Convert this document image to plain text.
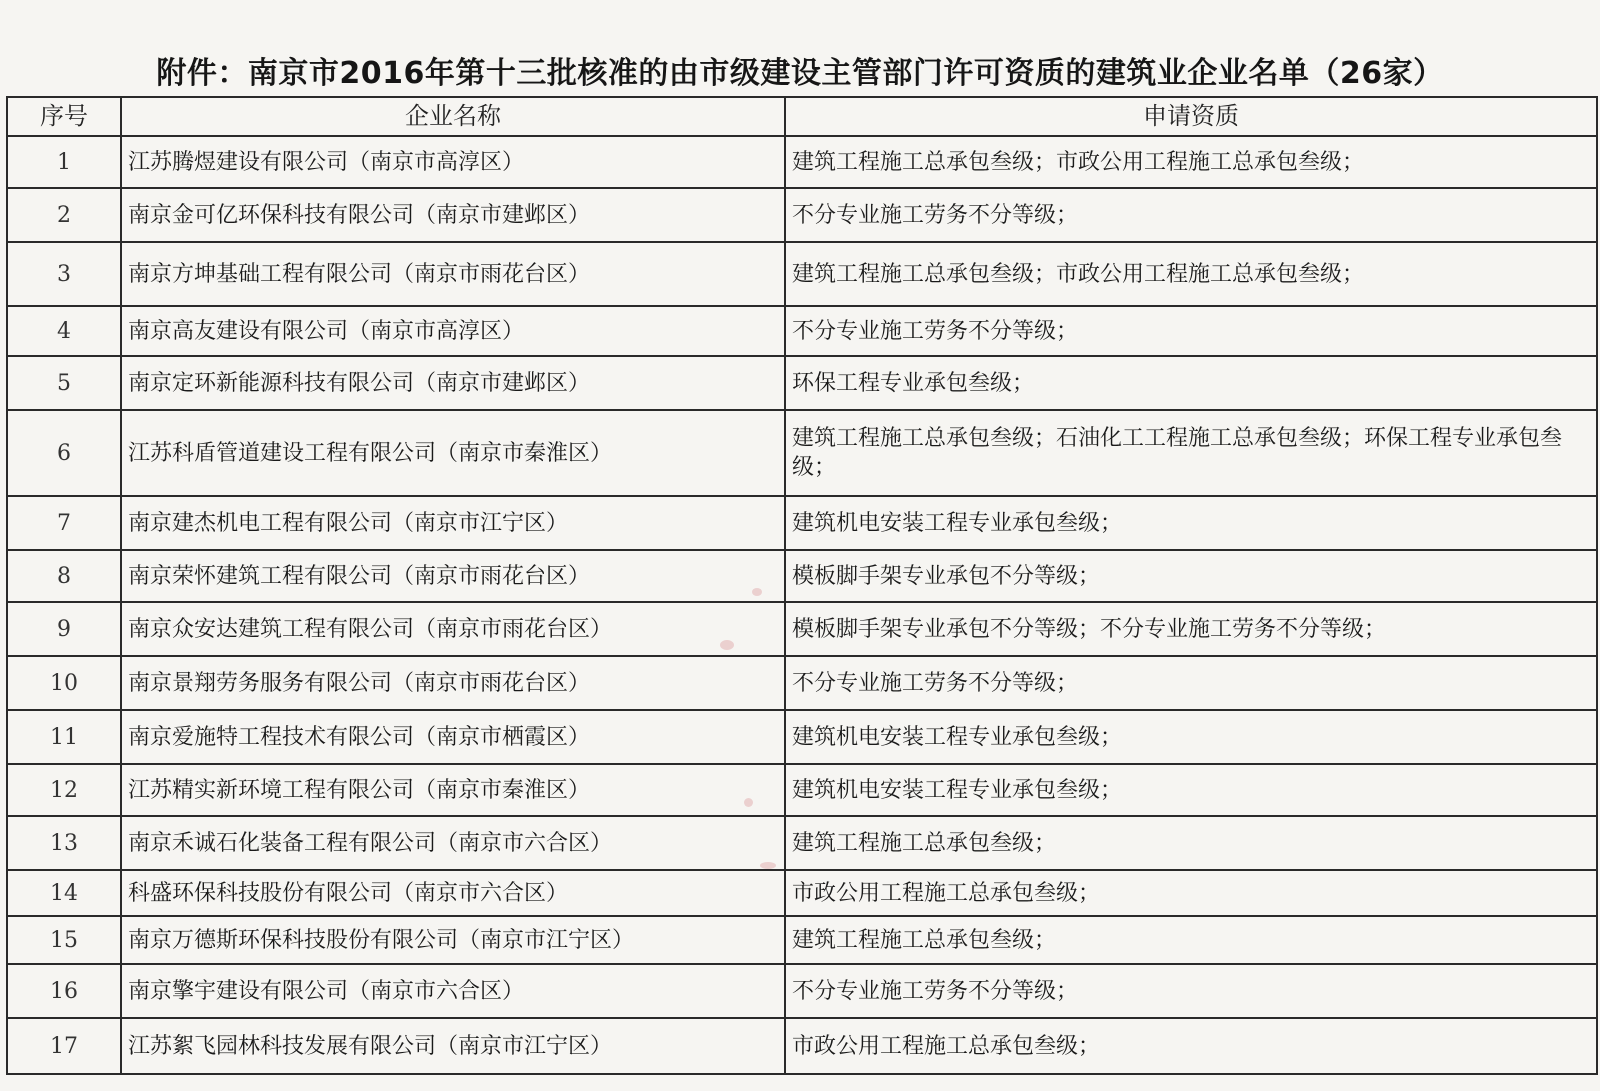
附件：南京市2016年第十三批核准的由市级建设主管部门许可资质的建筑业企业名单（26家）
序号	企业名称	申请资质
1	江苏腾煜建设有限公司（南京市高淳区）	建筑工程施工总承包叁级；市政公用工程施工总承包叁级；
2	南京金可亿环保科技有限公司（南京市建邺区）	不分专业施工劳务不分等级；
3	南京方坤基础工程有限公司（南京市雨花台区）	建筑工程施工总承包叁级；市政公用工程施工总承包叁级；
4	南京高友建设有限公司（南京市高淳区）	不分专业施工劳务不分等级；
5	南京定环新能源科技有限公司（南京市建邺区）	环保工程专业承包叁级；
6	江苏科盾管道建设工程有限公司（南京市秦淮区）	建筑工程施工总承包叁级；石油化工工程施工总承包叁级；环保工程专业承包叁级；
7	南京建杰机电工程有限公司（南京市江宁区）	建筑机电安装工程专业承包叁级；
8	南京荣怀建筑工程有限公司（南京市雨花台区）	模板脚手架专业承包不分等级；
9	南京众安达建筑工程有限公司（南京市雨花台区）	模板脚手架专业承包不分等级；不分专业施工劳务不分等级；
10	南京景翔劳务服务有限公司（南京市雨花台区）	不分专业施工劳务不分等级；
11	南京爱施特工程技术有限公司（南京市栖霞区）	建筑机电安装工程专业承包叁级；
12	江苏精实新环境工程有限公司（南京市秦淮区）	建筑机电安装工程专业承包叁级；
13	南京禾诚石化装备工程有限公司（南京市六合区）	建筑工程施工总承包叁级；
14	科盛环保科技股份有限公司（南京市六合区）	市政公用工程施工总承包叁级；
15	南京万德斯环保科技股份有限公司（南京市江宁区）	建筑工程施工总承包叁级；
16	南京擎宇建设有限公司（南京市六合区）	不分专业施工劳务不分等级；
17	江苏絮飞园林科技发展有限公司（南京市江宁区）	市政公用工程施工总承包叁级；
